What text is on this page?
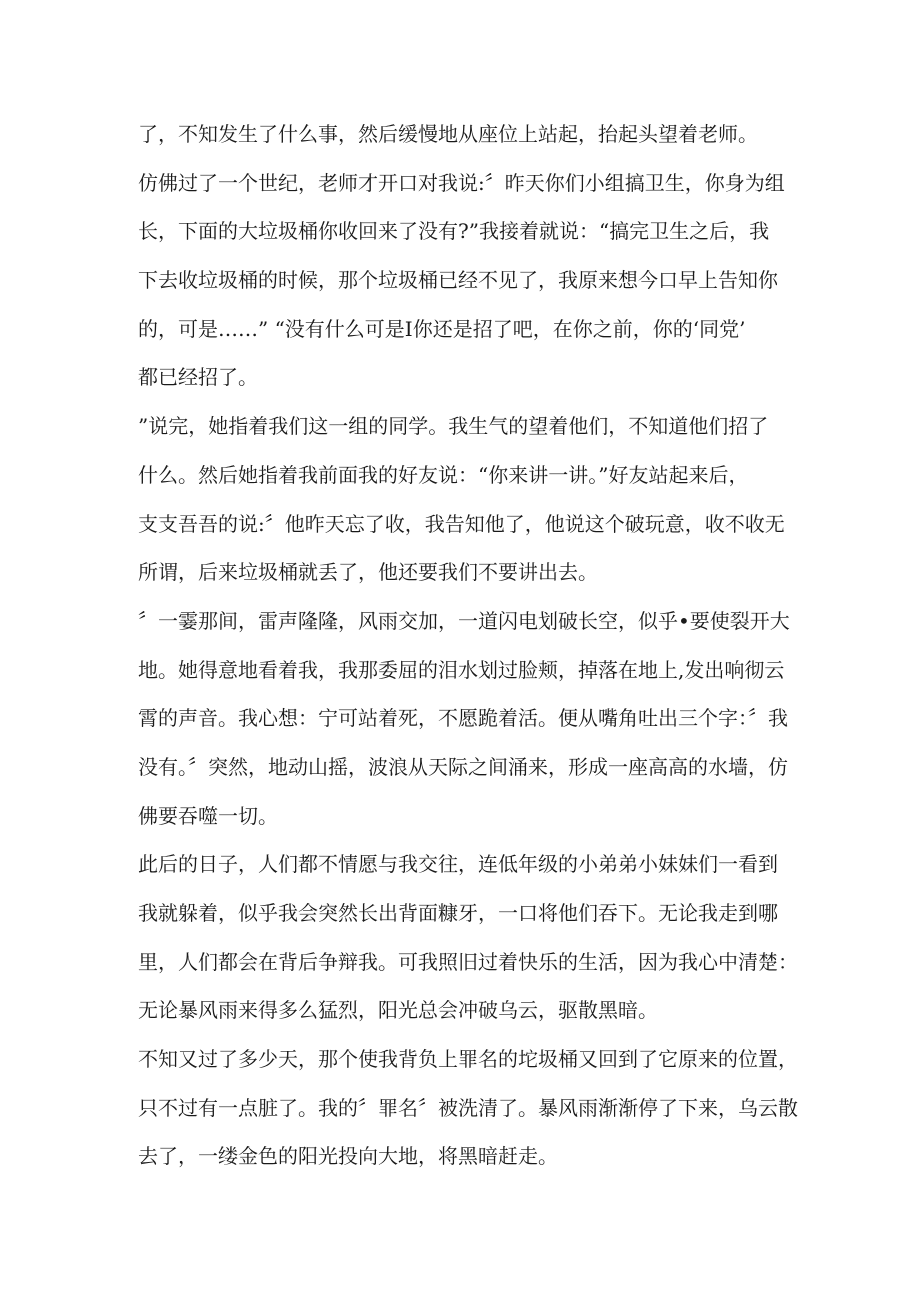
了，不知发生了什么事，然后缓慢地从座位上站起，抬起头望着老师。

仿佛过了一个世纪，老师才开口对我说:〞昨天你们小组搞卫生，你身为组
长，下面的大垃圾桶你收回来了没有?”我接着就说：“搞完卫生之后，我
下去收垃圾桶的时候，那个垃圾桶已经不见了，我原来想今口早上告知你
的，可是……” “没有什么可是I你还是招了吧，在你之前，你的‘同党’
都已经招了。

”说完，她指着我们这一组的同学。我生气的望着他们，不知道他们招了
什么。然后她指着我前面我的好友说：“你来讲一讲。”好友站起来后，
支支吾吾的说:〞他昨天忘了收，我告知他了，他说这个破玩意，收不收无
所谓，后来垃圾桶就丢了，他还要我们不要讲出去。

〞一霎那间，雷声隆隆，风雨交加，一道闪电划破长空，似乎•要使裂开大
地。她得意地看着我，我那委屈的泪水划过脸颊，掉落在地上,发出响彻云
霄的声音。我心想：宁可站着死，不愿跪着活。便从嘴角吐出三个字：〞我
没有。〞突然，地动山摇，波浪从天际之间涌来，形成一座高高的水墙，仿
佛要吞噬一切。

此后的日子，人们都不情愿与我交往，连低年级的小弟弟小妹妹们一看到
我就躲着，似乎我会突然长出背面糠牙，一口将他们吞下。无论我走到哪
里，人们都会在背后争辩我。可我照旧过着快乐的生活，因为我心中清楚：
无论暴风雨来得多么猛烈，阳光总会冲破乌云，驱散黑暗。

不知又过了多少天，那个使我背负上罪名的坨圾桶又回到了它原来的位置，
只不过有一点脏了。我的〞罪名〞被洗清了。暴风雨渐渐停了下来，乌云散
去了，一缕金色的阳光投向大地，将黑暗赶走。
